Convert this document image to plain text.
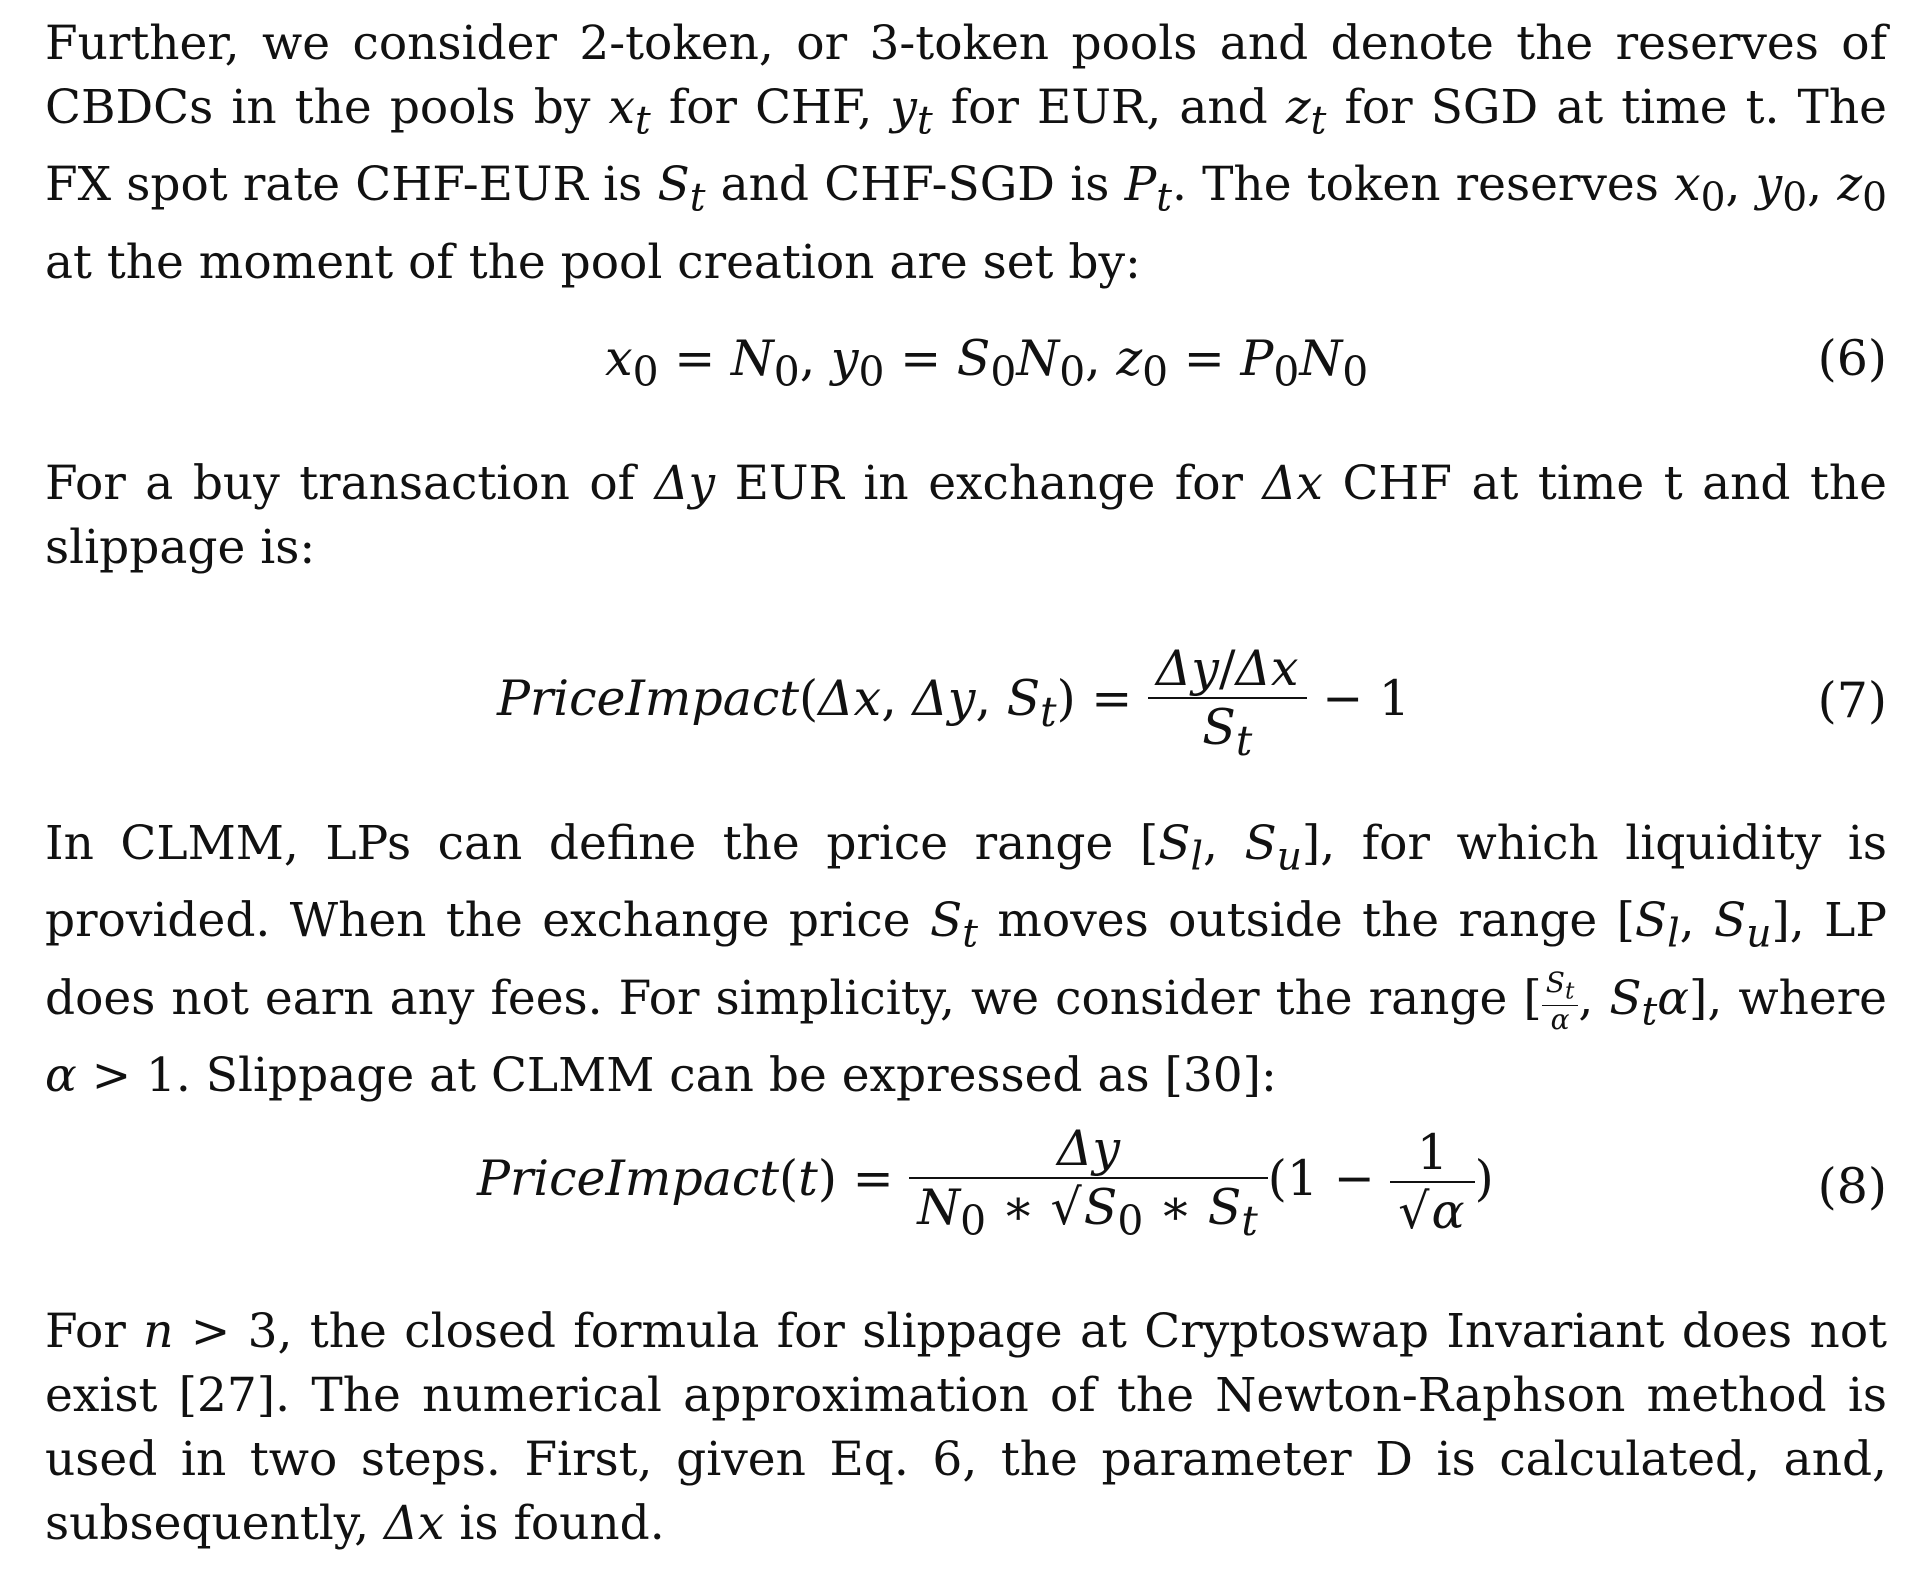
Further, we consider 2-token, or 3-token pools and denote the reserves of CBDCs in the pools by $x_t$ for CHF, $y_t$ for EUR, and $z_t$ for SGD at time t. The FX spot rate CHF-EUR is $S_t$ and CHF-SGD is $P_t$. The token reserves $x_0$, $y_0$, $z_0$ at the moment of the pool creation are set by:
$x_0 = N_0$, $y_0 = S_0N_0$, $z_0 = P_0N_0$	(6)
For a buy transaction of Δy EUR in exchange for Δx CHF at time t and the slippage is:
PriceImpact(Δx, Δy, $S_t) = \frac{\Delta y/\Delta x}{S_t} - 1$	(7)
In CLMM, LPs can define the price range [$S_l$, $S_u$], for which liquidity is provided. When the exchange price $S_t$ moves outside the range [$S_l$, $S_u$], LP does not earn any fees. For simplicity, we consider the range [ $\frac{S_t}{\alpha}$ , $S_t\alpha$], where α > 1. Slippage at CLMM can be expressed as [30]:
PriceImpact(t) = $\frac{\Delta y}{N_0 ∗ √S_0 ∗ S_t} (1 - \frac{1}{√\alpha}$ )	(8)
For n > 3, the closed formula for slippage at Cryptoswap Invariant does not exist [27]. The numerical approximation of the Newton-Raphson method is used in two steps. First, given Eq. 6, the parameter D is calculated, and, subsequently, Δx is found.
